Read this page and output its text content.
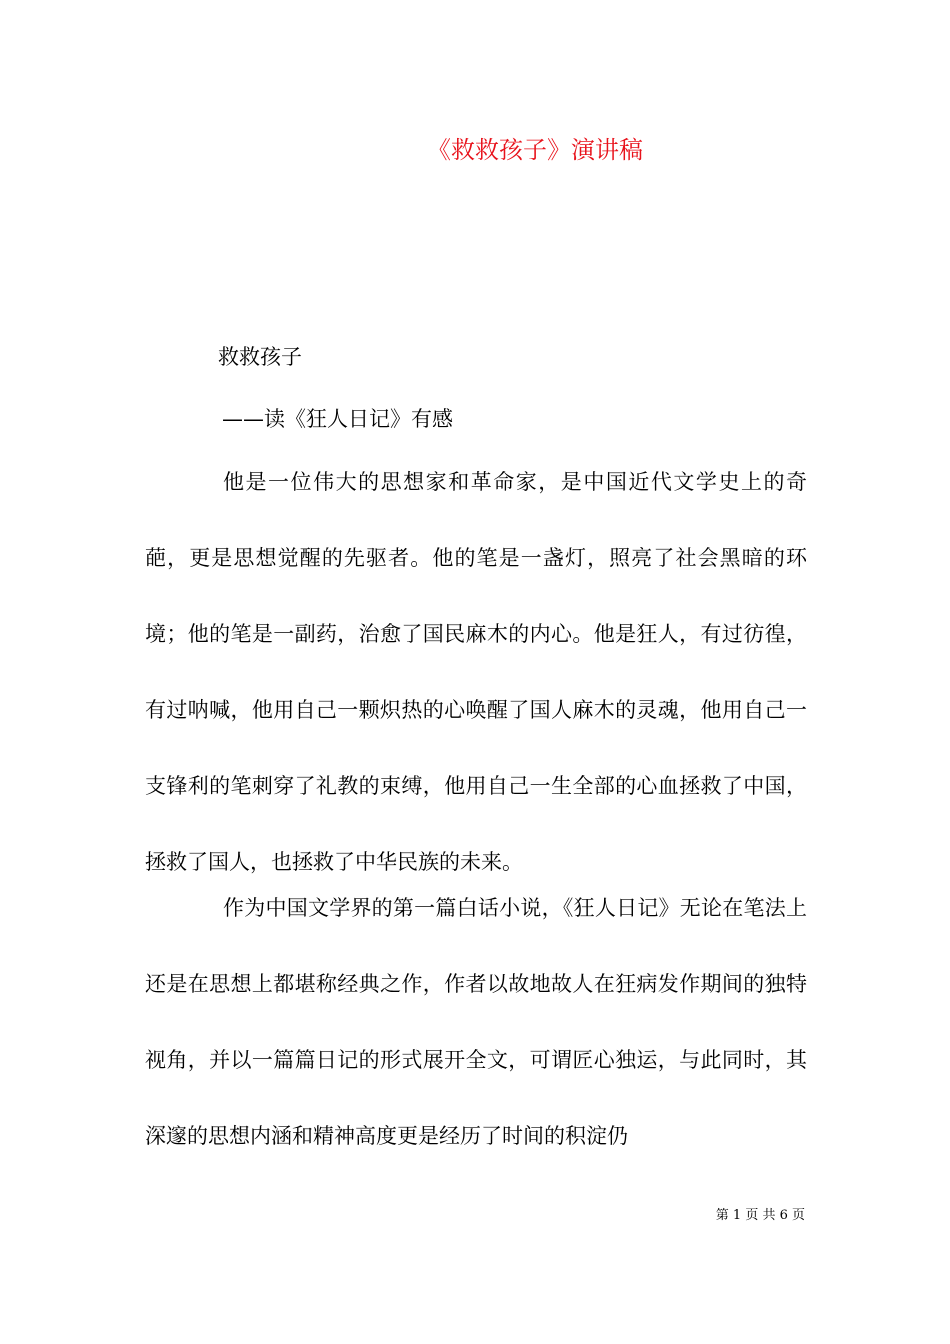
《救救孩子》演讲稿
救救孩子
——读《狂人日记》有感

他是一位伟大的思想家和革命家，是中国近代文学史上的奇葩，更是思想觉醒的先驱者。他的笔是一盏灯，照亮了社会黑暗的环境；他的笔是一副药，治愈了国民麻木的内心。他是狂人，有过彷徨，有过呐喊，他用自己一颗炽热的心唤醒了国人麻木的灵魂，他用自己一支锋利的笔刺穿了礼教的束缚，他用自己一生全部的心血拯救了中国，拯救了国人，也拯救了中华民族的未来。

作为中国文学界的第一篇白话小说，《狂人日记》无论在笔法上还是在思想上都堪称经典之作，作者以故地故人在狂病发作期间的独特视角，并以一篇篇日记的形式展开全文，可谓匠心独运，与此同时，其深邃的思想内涵和精神高度更是经历了时间的积淀仍

第 1 页 共 6 页
